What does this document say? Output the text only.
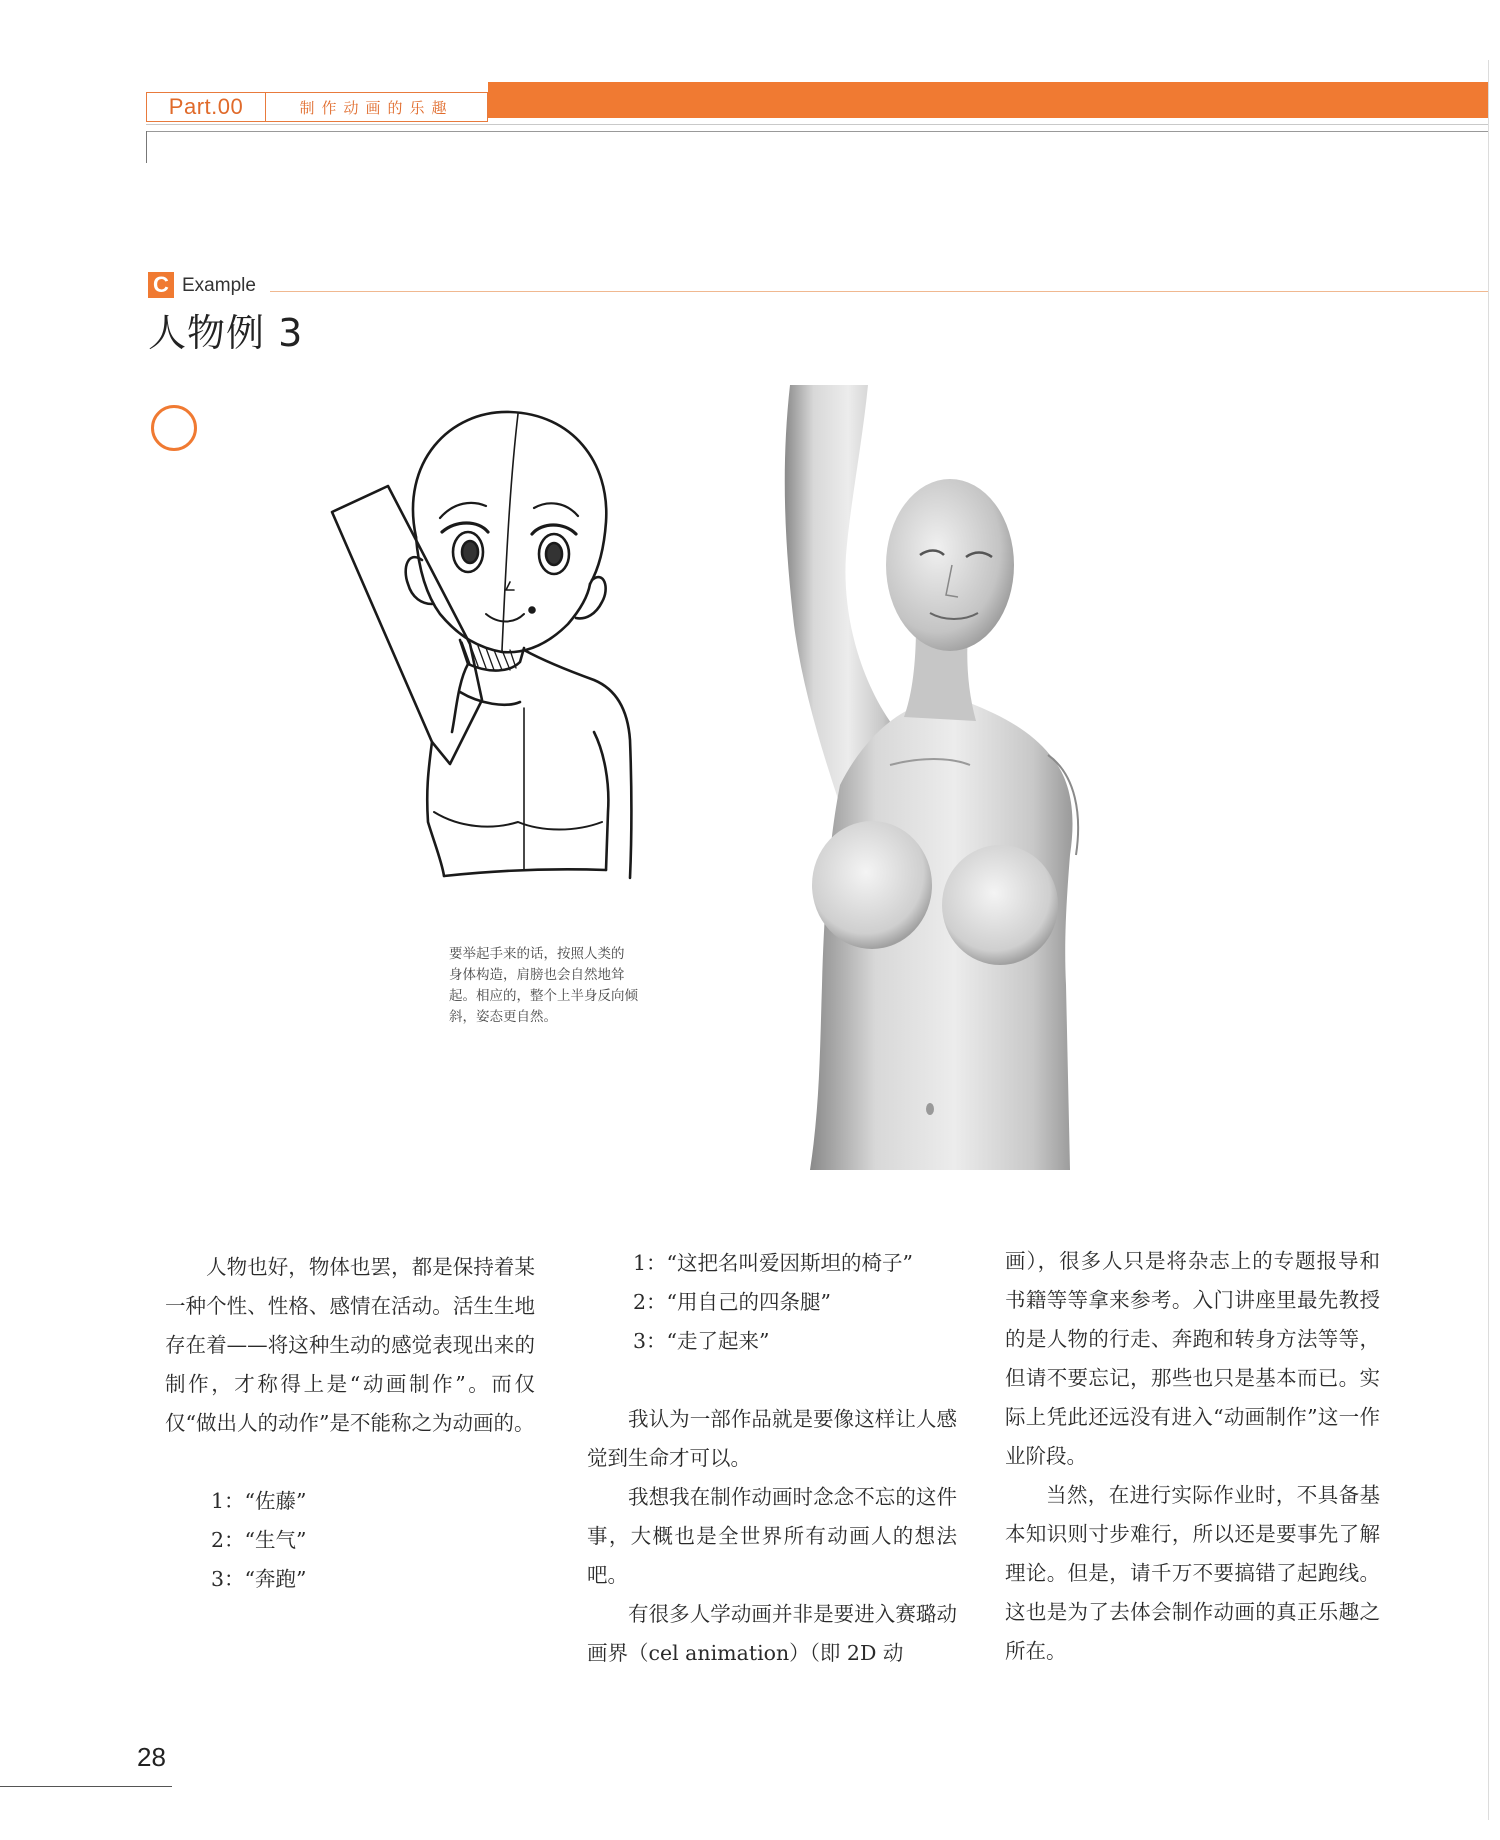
Part.00	制作动画的乐趣
C Example
人物例 3
要举起手来的话，按照人类的
身体构造，肩膀也会自然地耸
起。相应的，整个上半身反向倾
斜，姿态更自然。

人物也好，物体也罢，都是保持着某一种个性、性格、感情在活动。活生生地存在着——将这种生动的感觉表现出来的制作，才称得上是“动画制作”。而仅仅“做出人的动作”是不能称之为动画的。

1：“佐藤”

2：“生气”

3：“奔跑”

1：“这把名叫爱因斯坦的椅子”

2：“用自己的四条腿”

3：“走了起来”

我认为一部作品就是要像这样让人感觉到生命才可以。

我想我在制作动画时念念不忘的这件事，大概也是全世界所有动画人的想法吧。

有很多人学动画并非是要进入赛璐动画界（cel animation）（即 2D 动

画），很多人只是将杂志上的专题报导和书籍等等拿来参考。入门讲座里最先教授的是人物的行走、奔跑和转身方法等等，但请不要忘记，那些也只是基本而已。实际上凭此还远没有进入“动画制作”这一作业阶段。

当然，在进行实际作业时，不具备基本知识则寸步难行，所以还是要事先了解理论。但是，请千万不要搞错了起跑线。这也是为了去体会制作动画的真正乐趣之所在。

28
